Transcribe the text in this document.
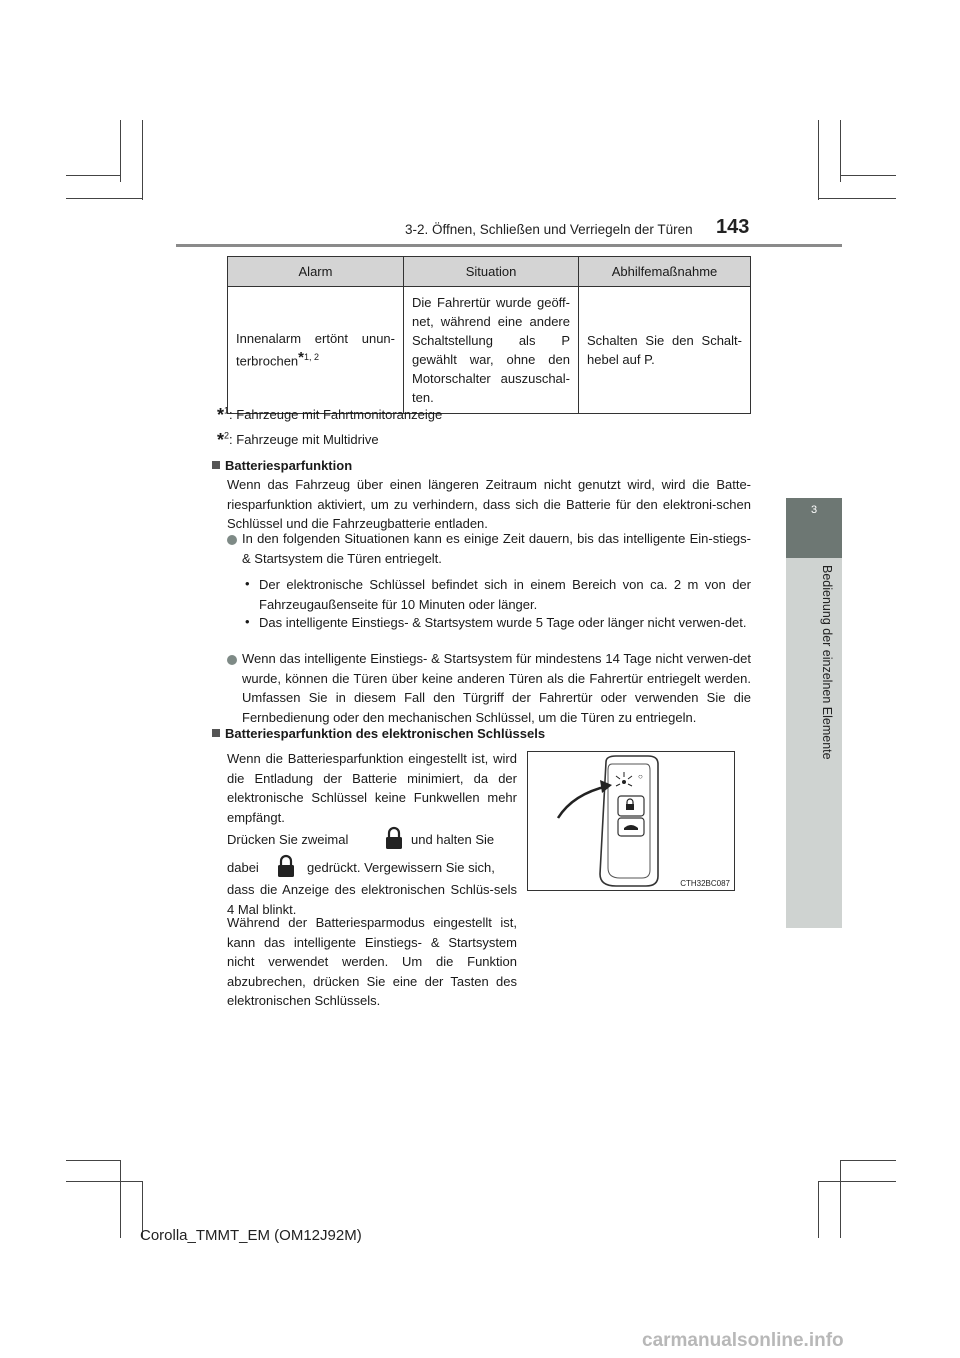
3-2. Öffnen, Schließen und Verriegeln der Türen 143
3
Bedienung der einzelnen Elemente
Alarm	Situation	Abhilfemaßnahme
Innenalarm ertönt unun-terbrochen$^{*1, 2}$	Die Fahrertür wurde geöff-net, während eine andere Schaltstellung als P gewählt war, ohne den Motorschalter auszuschal-ten.	Schalten Sie den Schalt-hebel auf P.
*$^1$: Fahrzeuge mit Fahrtmonitoranzeige
*$^2$: Fahrzeuge mit Multidrive
Batteriesparfunktion
Wenn das Fahrzeug über einen längeren Zeitraum nicht genutzt wird, wird die Batte-riesparfunktion aktiviert, um zu verhindern, dass sich die Batterie für den elektroni-schen Schlüssel und die Fahrzeugbatterie entladen.
In den folgenden Situationen kann es einige Zeit dauern, bis das intelligente Ein-stiegs- & Startsystem die Türen entriegelt.
• Der elektronische Schlüssel befindet sich in einem Bereich von ca. 2 m von der Fahrzeugaußenseite für 10 Minuten oder länger.
• Das intelligente Einstiegs- & Startsystem wurde 5 Tage oder länger nicht verwen-det.
Wenn das intelligente Einstiegs- & Startsystem für mindestens 14 Tage nicht verwen-det wurde, können die Türen über keine anderen Türen als die Fahrertür entriegelt werden. Umfassen Sie in diesem Fall den Türgriff der Fahrertür oder verwenden Sie die Fernbedienung oder den mechanischen Schlüssel, um die Türen zu entriegeln.
Batteriesparfunktion des elektronischen Schlüssels
Wenn die Batteriesparfunktion eingestellt ist, wird die Entladung der Batterie minimiert, da der elektronische Schlüssel keine Funkwellen mehr empfängt.
Drücken Sie zweimal	und halten Sie
dabei	gedrückt. Vergewissern Sie sich,
dass die Anzeige des elektronischen Schlüs-sels 4 Mal blinkt.
Während der Batteriesparmodus eingestellt ist, kann das intelligente Einstiegs- & Startsystem nicht verwendet werden. Um die Funktion abzubrechen, drücken Sie eine der Tasten des elektronischen Schlüssels.
○
CTH32BC087
Corolla_TMMT_EM (OM12J92M)
carmanualsonline.info
